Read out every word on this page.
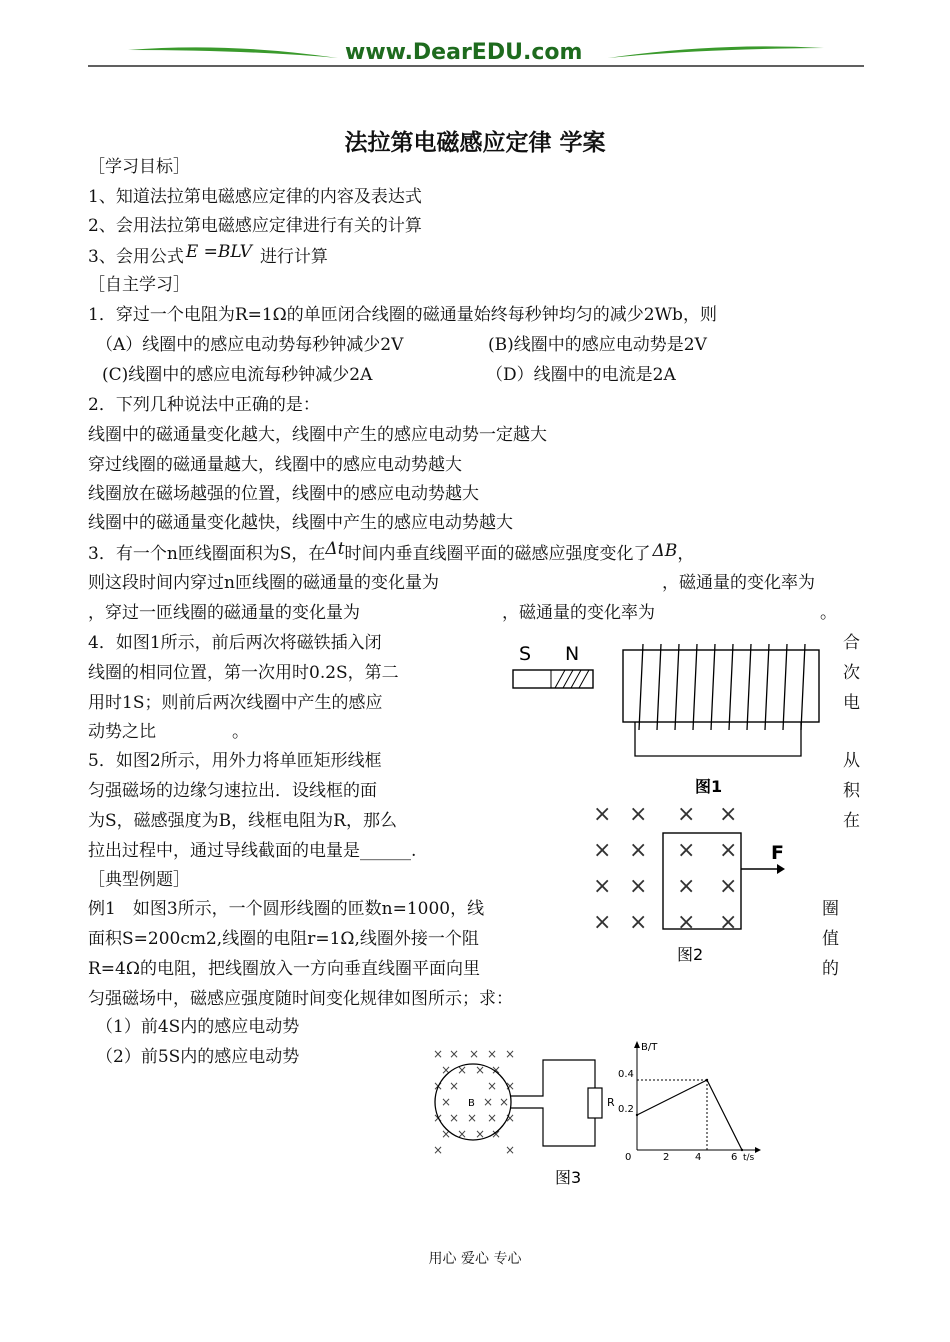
www.DearEDU.com
法拉第电磁感应定律 学案
［学习目标］
1、知道法拉第电磁感应定律的内容及表达式
2、会用法拉第电磁感应定律进行有关的计算
3、会用公式 E =BLV 进行计算
［自主学习］
1．穿过一个电阻为R=1Ω的单匝闭合线圈的磁通量始终每秒钟均匀的减少2Wb，则
（A）线圈中的感应电动势每秒钟减少2V	(B)线圈中的感应电动势是2V
(C)线圈中的感应电流每秒钟减少2A	（D）线圈中的电流是2A
2．下列几种说法中正确的是：
线圈中的磁通量变化越大，线圈中产生的感应电动势一定越大
穿过线圈的磁通量越大，线圈中的感应电动势越大
线圈放在磁场越强的位置，线圈中的感应电动势越大
线圈中的磁通量变化越快，线圈中产生的感应电动势越大
3．有一个n匝线圈面积为S，在Δt时间内垂直线圈平面的磁感应强度变化了 ΔB，
则这段时间内穿过n匝线圈的磁通量的变化量为	，磁通量的变化率为
，穿过一匝线圈的磁通量的变化量为	，磁通量的变化率为	。
4．如图1所示，前后两次将磁铁插入闭	合
线圈的相同位置，第一次用时0.2S，第二	次
用时1S；则前后两次线圈中产生的感应	电
动势之比	。
5．如图2所示，用外力将单匝矩形线框	从
匀强磁场的边缘匀速拉出．设线框的面	积
为S，磁感强度为B，线框电阻为R，那么	在
拉出过程中，通过导线截面的电量是______.
［典型例题］
例1　如图3所示，一个圆形线圈的匝数n=1000，线	圈
面积S=200cm2,线圈的电阻r=1Ω,线圈外接一个阻	值
R=4Ω的电阻，把线圈放入一方向垂直线圈平面向里	的
匀强磁场中，磁感应强度随时间变化规律如图所示；求：
（1）前4S内的感应电动势
（2）前5S内的感应电动势
S N
图1
× × × ×
× × × ×
× × × ×
× × × ×
F
图2
× × × × ×
× × × ×
× × × ×
×	× ×
× × × × ×
× × × ×
×	×
B	R
B/T
t/s
0.4
0.2
0	2	4	6
图3
用心 爱心 专心
